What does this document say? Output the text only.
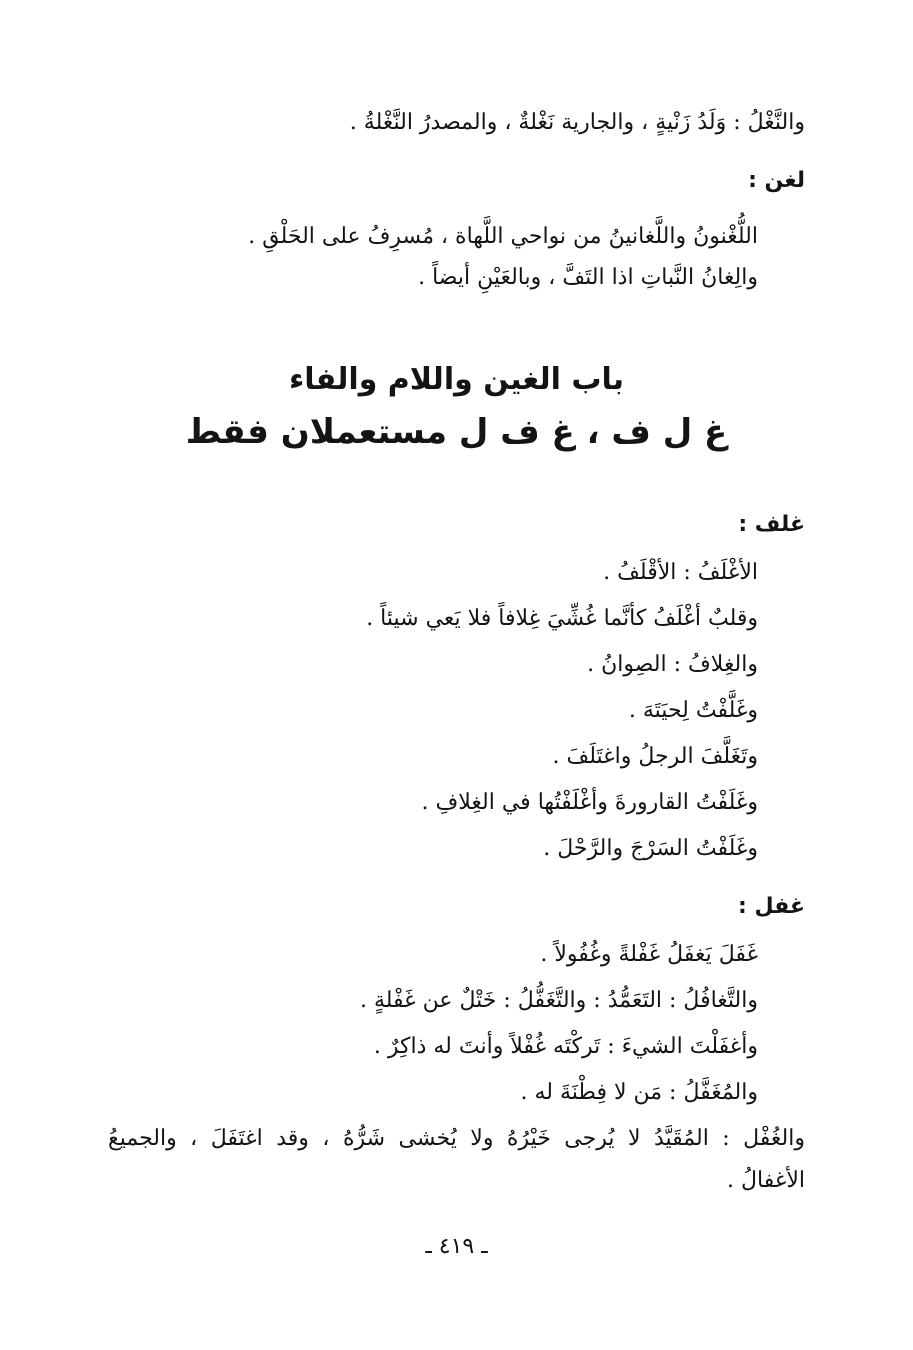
والنَّغْلُ : وَلَدُ زَنْيةٍ ، والجارية نَغْلةٌ ، والمصدرُ النَّغْلةُ .
لغن :
اللُّغْنونُ واللَّغانينُ من نواحي اللَّهاة ، مُسرِفُ على الحَلْقِ .
والِغانُ النَّباتِ اذا التَفَّ ، وبالعَيْنِ أيضاً .
باب الغين واللام والفاء
غ ل ف ، غ ف ل مستعملان فقط
غلف :
الأغْلَفُ : الأقْلَفُ .
وقلبٌ أغْلَفُ كأنَّما غُشِّيَ غِلافاً فلا يَعي شيئاً .
والغِلافُ : الصِوانُ .
وغَلَّفْتُ لِحيَتَهَ .
وتَغَلَّفَ الرجلُ واغتَلَفَ .
وغَلَفْتُ القارورةَ وأغْلَفْتُها في الغِلافِ .
وغَلَفْتُ السَرْجَ والرَّحْلَ .
غفل :
غَفَلَ يَغفَلُ غَفْلةً وغُفُولاً .
والتَّغافُلُ : التَعَمُّدُ : والتَّغَفُّلُ : خَتْلٌ عن غَفْلةٍ .
وأغفَلْتَ الشيءَ : تَركْتَه غُفْلاً وأنتَ له ذاكِرٌ .
والمُغَفَّلُ : مَن لا فِطْنَةَ له .
والغُفْل : المُقَيَّدُ لا يُرجى خَيْرُهُ ولا يُخشى شَرُّهُ ، وقد اغتَفَلَ ، والجميعُ
الأغفالُ .
ـ ٤١٩ ـ
